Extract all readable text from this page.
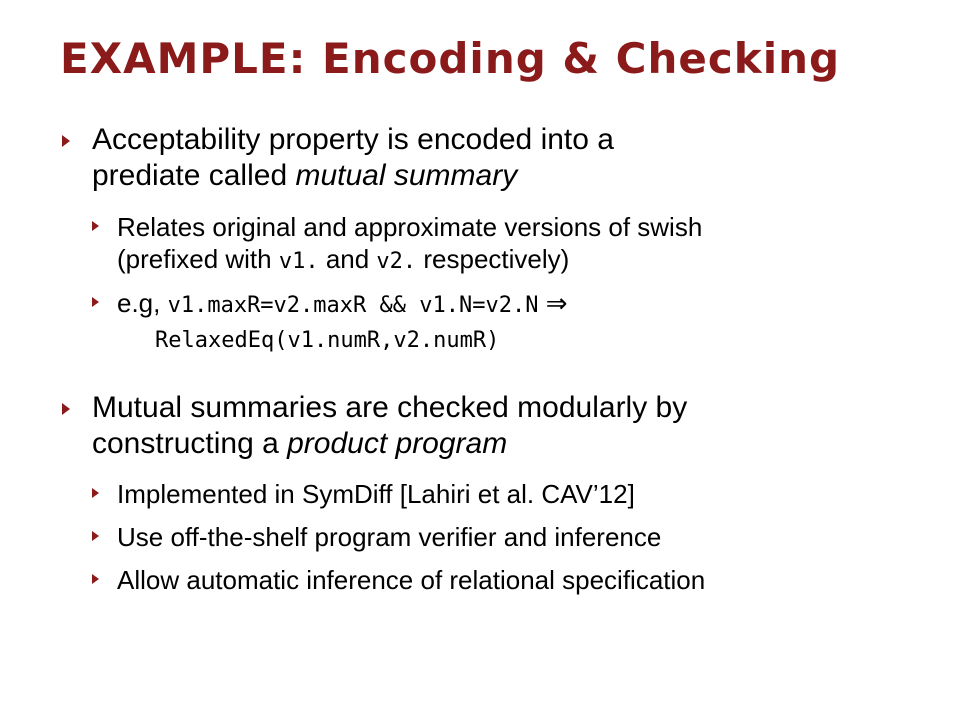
EXAMPLE: Encoding & Checking
Acceptability property is encoded into a
prediate called mutual summary
Relates original and approximate versions of swish
(prefixed with v1. and v2. respectively)
e.g, v1.maxR=v2.maxR && v1.N=v2.N ⇒
RelaxedEq(v1.numR,v2.numR)
Mutual summaries are checked modularly by
constructing a product program
Implemented in SymDiff [Lahiri et al. CAV’12]
Use off-the-shelf program verifier and inference
Allow automatic inference of relational specification
